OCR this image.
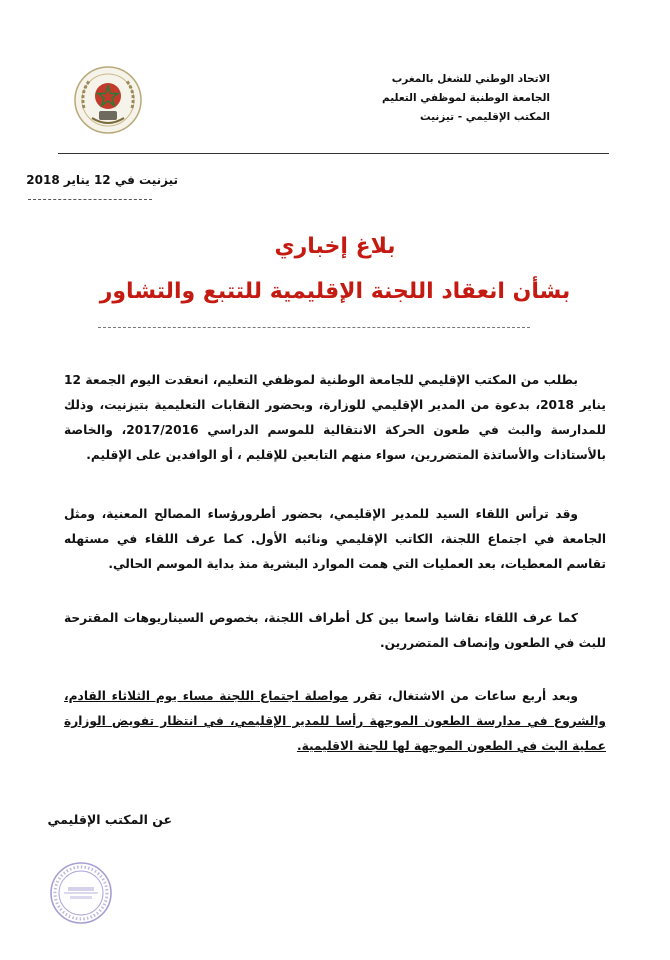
الاتحاد الوطني للشغل بالمغرب
الجامعة الوطنية لموظفي التعليم
المكتب الإقليمي - تيزنيت
تيزنيت في 12 يناير 2018
بلاغ إخباري
بشأن انعقاد اللجنة الإقليمية للتتبع والتشاور
بطلب من المكتب الإقليمي للجامعة الوطنية لموظفي التعليم، انعقدت اليوم الجمعة 12 يناير 2018، بدعوة من المدير الإقليمي للوزارة، وبحضور النقابات التعليمية بتيزنيت، وذلك للمدارسة والبث في طعون الحركة الانتقالية للموسم الدراسي 2017/2016، والخاصة بالأستاذات والأساتذة المتضررين، سواء منهم التابعين للإقليم ، أو الوافدين على الإقليم.
وقد ترأس اللقاء السيد للمدير الإقليمي، بحضور أطرورؤساء المصالح المعنية، ومثل الجامعة في اجتماع اللجنة، الكاتب الإقليمي ونائبه الأول. كما عرف اللقاء في مستهله تقاسم المعطيات، بعد العمليات التي همت الموارد البشرية منذ بداية الموسم الحالي.
كما عرف اللقاء نقاشا واسعا بين كل أطراف اللجنة، بخصوص السيناريوهات المقترحة للبث في الطعون وإنصاف المتضررين.
وبعد أربع ساعات من الاشتغال، تقرر مواصلة اجتماع اللجنة مساء يوم الثلاثاء القادم، والشروع في مدارسة الطعون الموجهة رأسا للمدير الإقليمي، في انتظار تفويض الوزارة عملية البث في الطعون الموجهة لها للجنة الاقليمية.
عن المكتب الإقليمي
